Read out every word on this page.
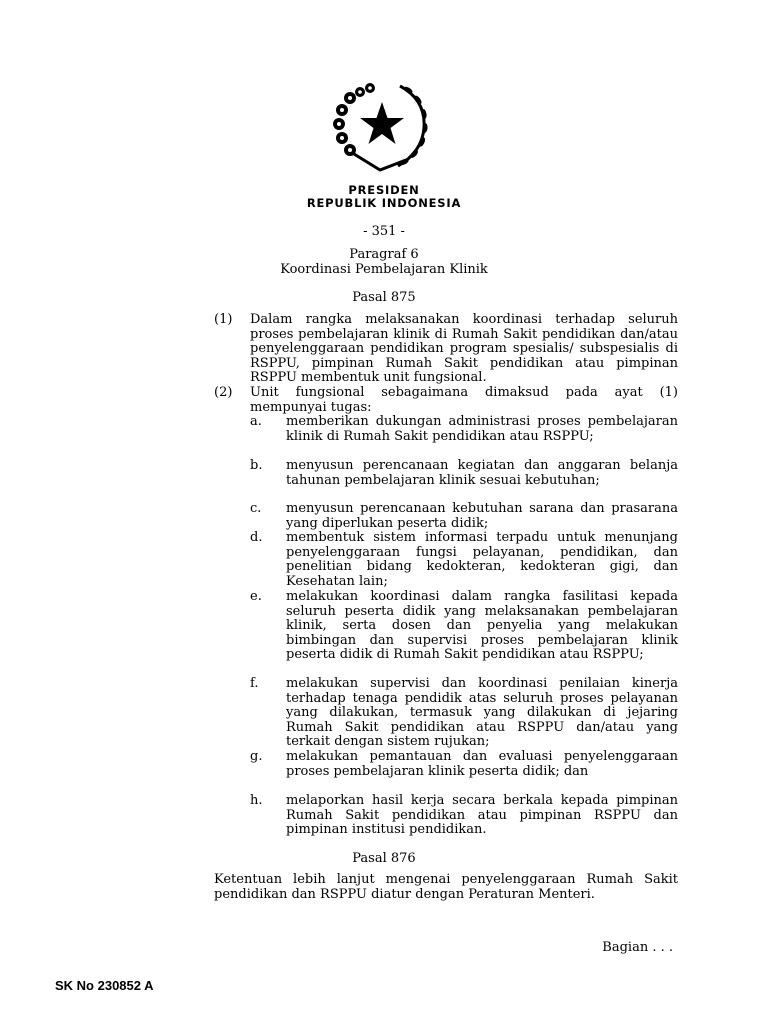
PRESIDEN
REPUBLIK INDONESIA
- 351 -
Paragraf 6
Koordinasi Pembelajaran Klinik
Pasal 875
(1) Dalam rangka melaksanakan koordinasi terhadap seluruh proses pembelajaran klinik di Rumah Sakit pendidikan dan/atau penyelenggaraan pendidikan program spesialis/ subspesialis di RSPPU, pimpinan Rumah Sakit pendidikan atau pimpinan RSPPU membentuk unit fungsional.
(2) Unit fungsional sebagaimana dimaksud pada ayat (1) mempunyai tugas:
a. memberikan dukungan administrasi proses pembelajaran klinik di Rumah Sakit pendidikan atau RSPPU;
b. menyusun perencanaan kegiatan dan anggaran belanja tahunan pembelajaran klinik sesuai kebutuhan;
c. menyusun perencanaan kebutuhan sarana dan prasarana yang diperlukan peserta didik;
d. membentuk sistem informasi terpadu untuk menunjang penyelenggaraan fungsi pelayanan, pendidikan, dan penelitian bidang kedokteran, kedokteran gigi, dan Kesehatan lain;
e. melakukan koordinasi dalam rangka fasilitasi kepada seluruh peserta didik yang melaksanakan pembelajaran klinik, serta dosen dan penyelia yang melakukan bimbingan dan supervisi proses pembelajaran klinik peserta didik di Rumah Sakit pendidikan atau RSPPU;
f. melakukan supervisi dan koordinasi penilaian kinerja terhadap tenaga pendidik atas seluruh proses pelayanan yang dilakukan, termasuk yang dilakukan di jejaring Rumah Sakit pendidikan atau RSPPU dan/atau yang terkait dengan sistem rujukan;
g. melakukan pemantauan dan evaluasi penyelenggaraan proses pembelajaran klinik peserta didik; dan
h. melaporkan hasil kerja secara berkala kepada pimpinan Rumah Sakit pendidikan atau pimpinan RSPPU dan pimpinan institusi pendidikan.
Pasal 876
Ketentuan lebih lanjut mengenai penyelenggaraan Rumah Sakit pendidikan dan RSPPU diatur dengan Peraturan Menteri.
Bagian . . .
SK No 230852 A
